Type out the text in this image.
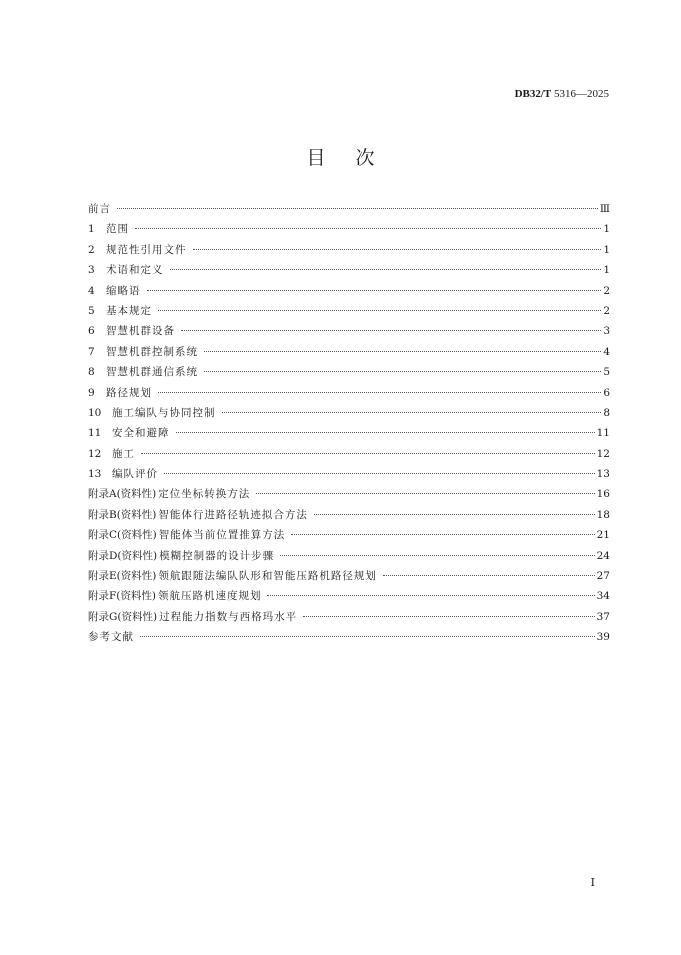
DB32/T 5316—2025
目次
前言	Ⅲ
1	范围	1
2	规范性引用文件	1
3	术语和定义	1
4	缩略语	2
5	基本规定	2
6	智慧机群设备	3
7	智慧机群控制系统	4
8	智慧机群通信系统	5
9	路径规划	6
10	施工编队与协同控制	8
11	安全和避障	11
12	施工	12
13	编队评价	13
附录A(资料性) 定位坐标转换方法	16
附录B(资料性) 智能体行进路径轨迹拟合方法	18
附录C(资料性) 智能体当前位置推算方法	21
附录D(资料性) 模糊控制器的设计步骤	24
附录E(资料性) 领航跟随法编队队形和智能压路机路径规划	27
附录F(资料性) 领航压路机速度规划	34
附录G(资料性) 过程能力指数与西格玛水平	37
参考文献	39
Ⅰ
